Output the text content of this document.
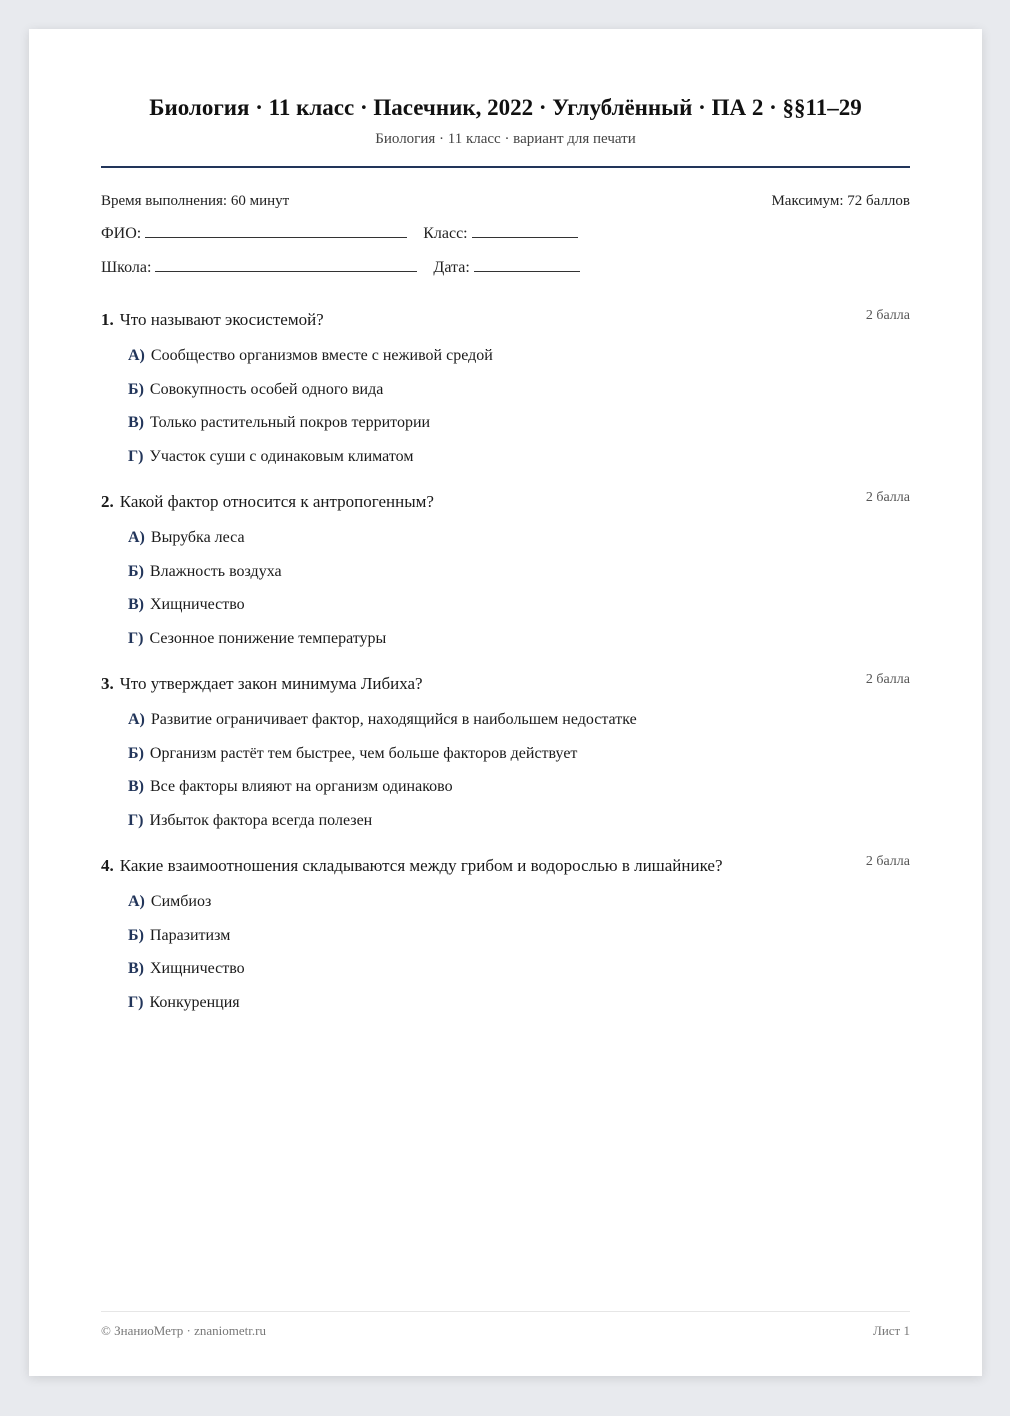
Биология · 11 класс · Пасечник, 2022 · Углублённый · ПА 2 · §§11–29
Биология · 11 класс · вариант для печати
Время выполнения: 60 минут	Максимум: 72 баллов
ФИО:	Класс:
Школа:	Дата:
1. Что называют экосистемой?	2 балла
А) Сообщество организмов вместе с неживой средой
Б) Совокупность особей одного вида
В) Только растительный покров территории
Г) Участок суши с одинаковым климатом
2. Какой фактор относится к антропогенным?	2 балла
А) Вырубка леса
Б) Влажность воздуха
В) Хищничество
Г) Сезонное понижение температуры
3. Что утверждает закон минимума Либиха?	2 балла
А) Развитие ограничивает фактор, находящийся в наибольшем недостатке
Б) Организм растёт тем быстрее, чем больше факторов действует
В) Все факторы влияют на организм одинаково
Г) Избыток фактора всегда полезен
4. Какие взаимоотношения складываются между грибом и водорослью в лишайнике?	2 балла
А) Симбиоз
Б) Паразитизм
В) Хищничество
Г) Конкуренция
© ЗнаниоМетр · znaniometr.ru	Лист 1
